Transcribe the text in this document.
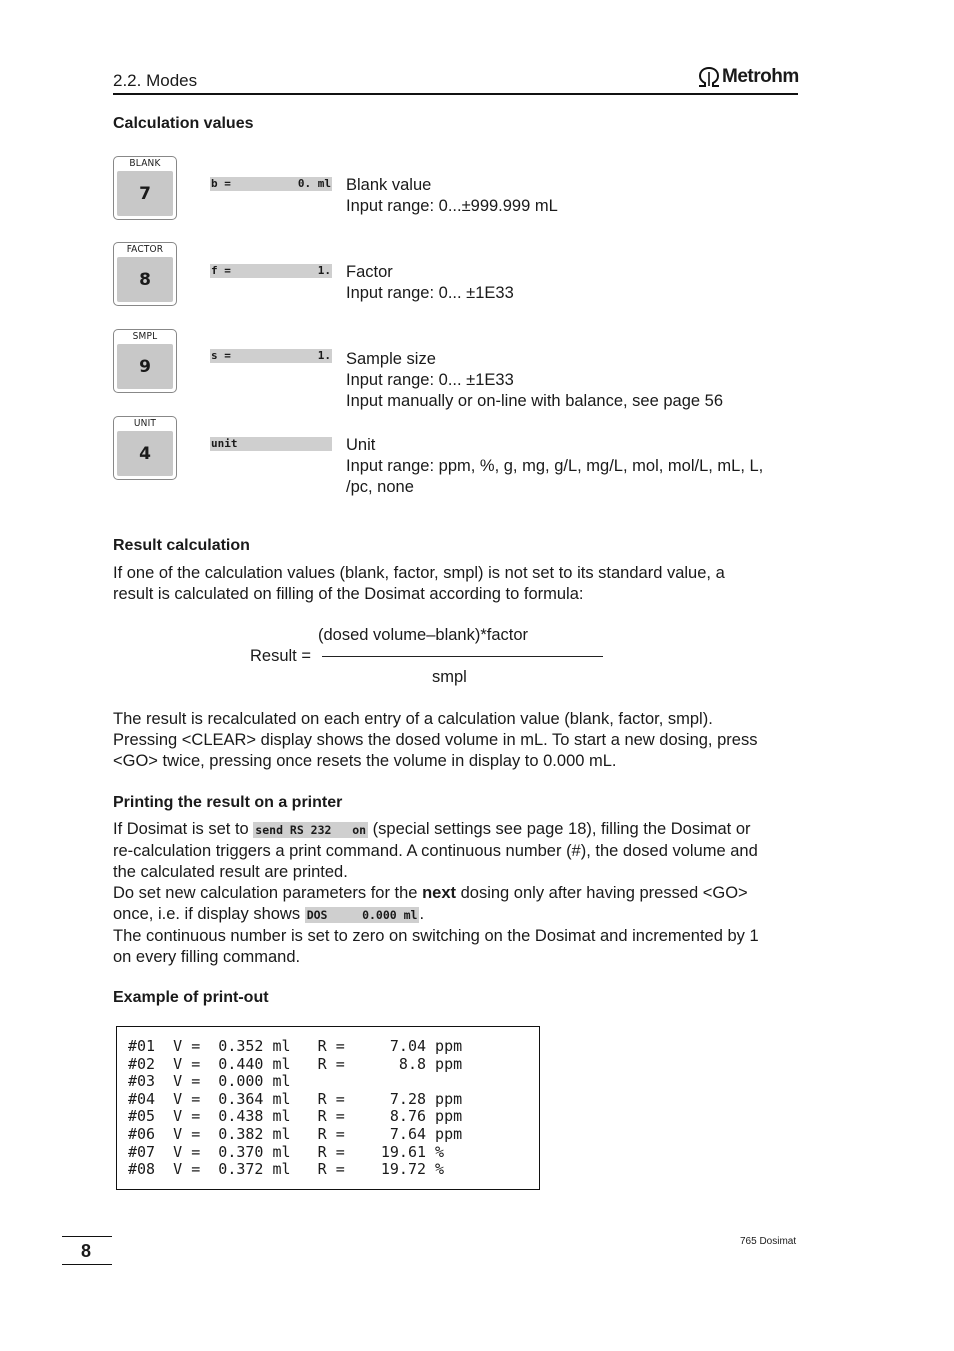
2.2. Modes	Metrohm
Calculation values
BLANK
7	b =	0. ml Blank value
Input range: 0...±999.999 mL
FACTOR
8	f =	1. Factor
Input range: 0... ±1E33
SMPL
9
s =	1. Sample size
Input range: 0... ±1E33
Input manually or on-line with balance, see page 56
UNIT
4	unit	Unit
Input range: ppm, %, g, mg, g/L, mg/L, mol, mol/L, mL, L,
/pc, none
Result calculation
If one of the calculation values (blank, factor, smpl) is not set to its standard value, a
result is calculated on filling of the Dosimat according to formula:
(dosed volume–blank)*factor
Result =
smpl
The result is recalculated on each entry of a calculation value (blank, factor, smpl).
Pressing <CLEAR> display shows the dosed volume in mL. To start a new dosing, press
<GO> twice, pressing once resets the volume in display to 0.000 mL.
Printing the result on a printer
If Dosimat is set to send RS 232   on (special settings see page 18), filling the Dosimat or
re-calculation triggers a print command. A continuous number (#), the dosed volume and
the calculated result are printed.
Do set new calculation parameters for the next dosing only after having pressed <GO>
once, i.e. if display shows DOS     0.000 ml .
The continuous number is set to zero on switching on the Dosimat and incremented by 1
on every filling command.
Example of print-out
#01  V =  0.352 ml   R =     7.04 ppm
#02  V =  0.440 ml   R =      8.8 ppm
#03  V =  0.000 ml
#04  V =  0.364 ml   R =     7.28 ppm
#05  V =  0.438 ml   R =     8.76 ppm
#06  V =  0.382 ml   R =     7.64 ppm
#07  V =  0.370 ml   R =    19.61 %
#08  V =  0.372 ml   R =    19.72 %
8	765 Dosimat
